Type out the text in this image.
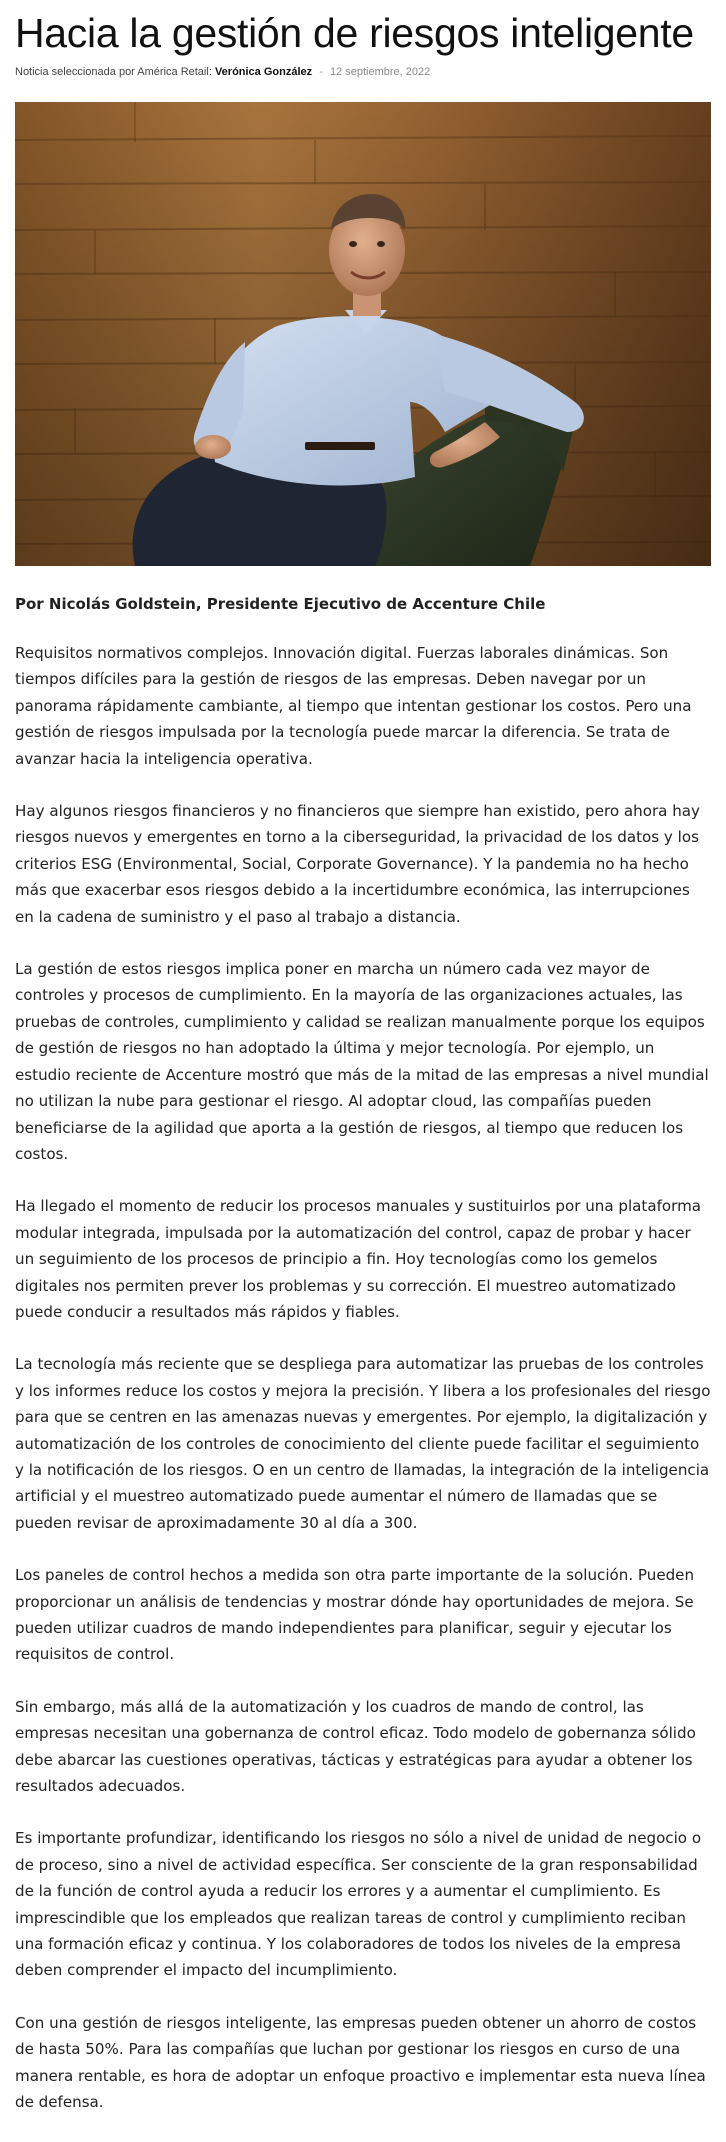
Hacia la gestión de riesgos inteligente
Noticia seleccionada por América Retail: Verónica González - 12 septiembre, 2022

Por Nicolás Goldstein, Presidente Ejecutivo de Accenture Chile

Requisitos normativos complejos. Innovación digital. Fuerzas laborales dinámicas. Son tiempos difíciles para la gestión de riesgos de las empresas. Deben navegar por un panorama rápidamente cambiante, al tiempo que intentan gestionar los costos. Pero una gestión de riesgos impulsada por la tecnología puede marcar la diferencia. Se trata de avanzar hacia la inteligencia operativa.

Hay algunos riesgos financieros y no financieros que siempre han existido, pero ahora hay riesgos nuevos y emergentes en torno a la ciberseguridad, la privacidad de los datos y los criterios ESG (Environmental, Social, Corporate Governance). Y la pandemia no ha hecho más que exacerbar esos riesgos debido a la incertidumbre económica, las interrupciones en la cadena de suministro y el paso al trabajo a distancia.

La gestión de estos riesgos implica poner en marcha un número cada vez mayor de controles y procesos de cumplimiento. En la mayoría de las organizaciones actuales, las pruebas de controles, cumplimiento y calidad se realizan manualmente porque los equipos de gestión de riesgos no han adoptado la última y mejor tecnología. Por ejemplo, un estudio reciente de Accenture mostró que más de la mitad de las empresas a nivel mundial no utilizan la nube para gestionar el riesgo. Al adoptar cloud, las compañías pueden beneficiarse de la agilidad que aporta a la gestión de riesgos, al tiempo que reducen los costos.

Ha llegado el momento de reducir los procesos manuales y sustituirlos por una plataforma modular integrada, impulsada por la automatización del control, capaz de probar y hacer un seguimiento de los procesos de principio a fin. Hoy tecnologías como los gemelos digitales nos permiten prever los problemas y su corrección. El muestreo automatizado puede conducir a resultados más rápidos y fiables.

La tecnología más reciente que se despliega para automatizar las pruebas de los controles y los informes reduce los costos y mejora la precisión. Y libera a los profesionales del riesgo para que se centren en las amenazas nuevas y emergentes. Por ejemplo, la digitalización y automatización de los controles de conocimiento del cliente puede facilitar el seguimiento y la notificación de los riesgos. O en un centro de llamadas, la integración de la inteligencia artificial y el muestreo automatizado puede aumentar el número de llamadas que se pueden revisar de aproximadamente 30 al día a 300.

Los paneles de control hechos a medida son otra parte importante de la solución. Pueden proporcionar un análisis de tendencias y mostrar dónde hay oportunidades de mejora. Se pueden utilizar cuadros de mando independientes para planificar, seguir y ejecutar los requisitos de control.

Sin embargo, más allá de la automatización y los cuadros de mando de control, las empresas necesitan una gobernanza de control eficaz. Todo modelo de gobernanza sólido debe abarcar las cuestiones operativas, tácticas y estratégicas para ayudar a obtener los resultados adecuados.

Es importante profundizar, identificando los riesgos no sólo a nivel de unidad de negocio o de proceso, sino a nivel de actividad específica. Ser consciente de la gran responsabilidad de la función de control ayuda a reducir los errores y a aumentar el cumplimiento. Es imprescindible que los empleados que realizan tareas de control y cumplimiento reciban una formación eficaz y continua. Y los colaboradores de todos los niveles de la empresa deben comprender el impacto del incumplimiento.

Con una gestión de riesgos inteligente, las empresas pueden obtener un ahorro de costos de hasta 50%. Para las compañías que luchan por gestionar los riesgos en curso de una manera rentable, es hora de adoptar un enfoque proactivo e implementar esta nueva línea de defensa.
